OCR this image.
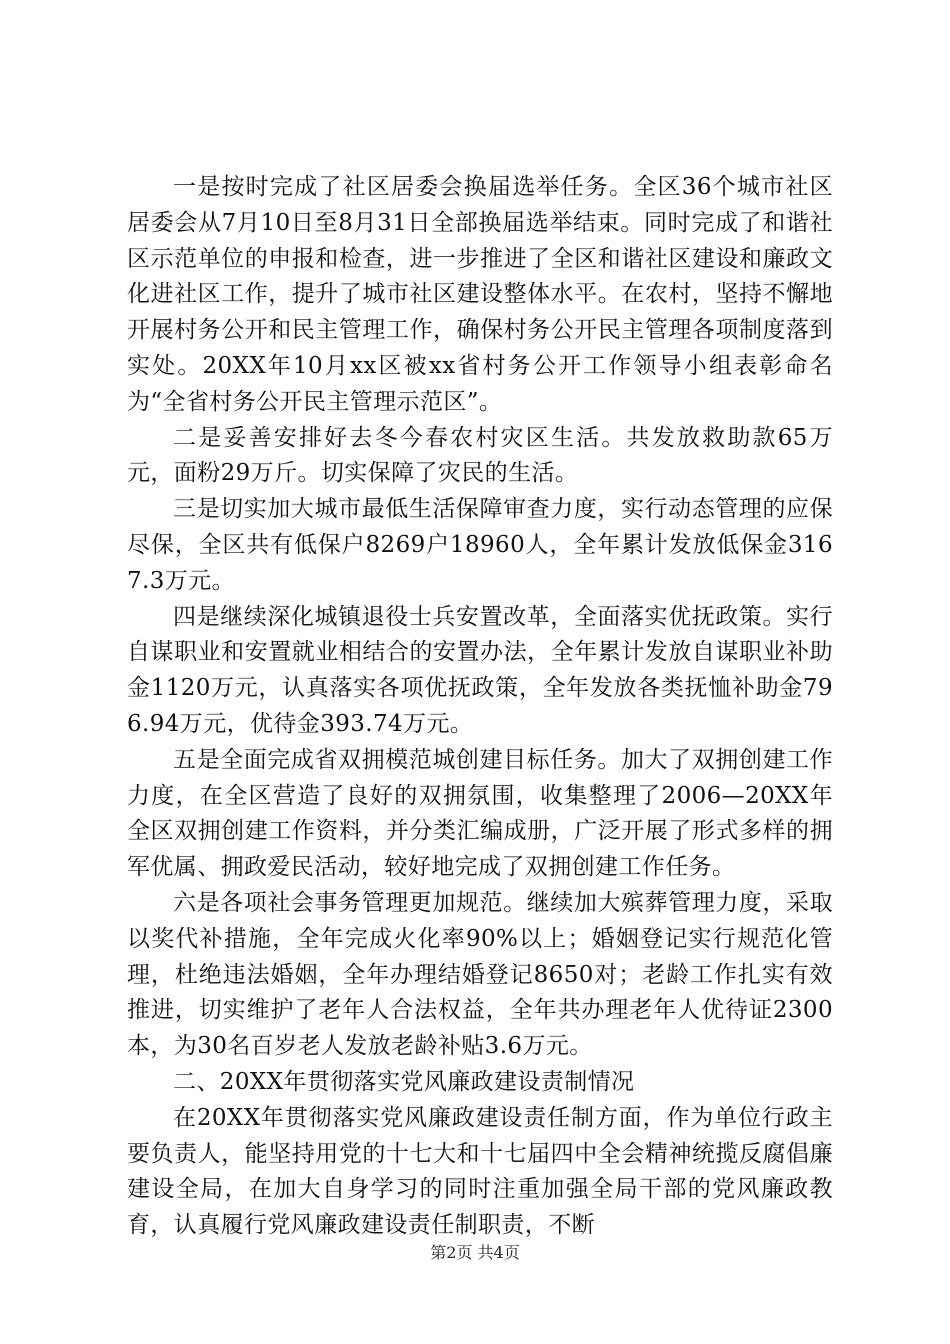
一是按时完成了社区居委会换届选举任务。全区36个城市社区居委会从7月10日至8月31日全部换届选举结束。同时完成了和谐社区示范单位的申报和检查，进一步推进了全区和谐社区建设和廉政文化进社区工作，提升了城市社区建设整体水平。在农村，坚持不懈地开展村务公开和民主管理工作，确保村务公开民主管理各项制度落到实处。20XX年10月xx区被xx省村务公开工作领导小组表彰命名为“全省村务公开民主管理示范区”。

二是妥善安排好去冬今春农村灾区生活。共发放救助款65万元，面粉29万斤。切实保障了灾民的生活。

三是切实加大城市最低生活保障审查力度，实行动态管理的应保尽保，全区共有低保户8269户18960人，全年累计发放低保金3167.3万元。

四是继续深化城镇退役士兵安置改革，全面落实优抚政策。实行自谋职业和安置就业相结合的安置办法，全年累计发放自谋职业补助金1120万元，认真落实各项优抚政策，全年发放各类抚恤补助金796.94万元，优待金393.74万元。

五是全面完成省双拥模范城创建目标任务。加大了双拥创建工作力度，在全区营造了良好的双拥氛围，收集整理了2006—20XX年全区双拥创建工作资料，并分类汇编成册，广泛开展了形式多样的拥军优属、拥政爱民活动，较好地完成了双拥创建工作任务。

六是各项社会事务管理更加规范。继续加大殡葬管理力度，采取以奖代补措施，全年完成火化率90%以上；婚姻登记实行规范化管理，杜绝违法婚姻，全年办理结婚登记8650对；老龄工作扎实有效推进，切实维护了老年人合法权益，全年共办理老年人优待证2300本，为30名百岁老人发放老龄补贴3.6万元。

二、20XX年贯彻落实党风廉政建设责制情况

在20XX年贯彻落实党风廉政建设责任制方面，作为单位行政主要负责人，能坚持用党的十七大和十七届四中全会精神统揽反腐倡廉建设全局，在加大自身学习的同时注重加强全局干部的党风廉政教育，认真履行党风廉政建设责任制职责，不断

第2页 共4页
